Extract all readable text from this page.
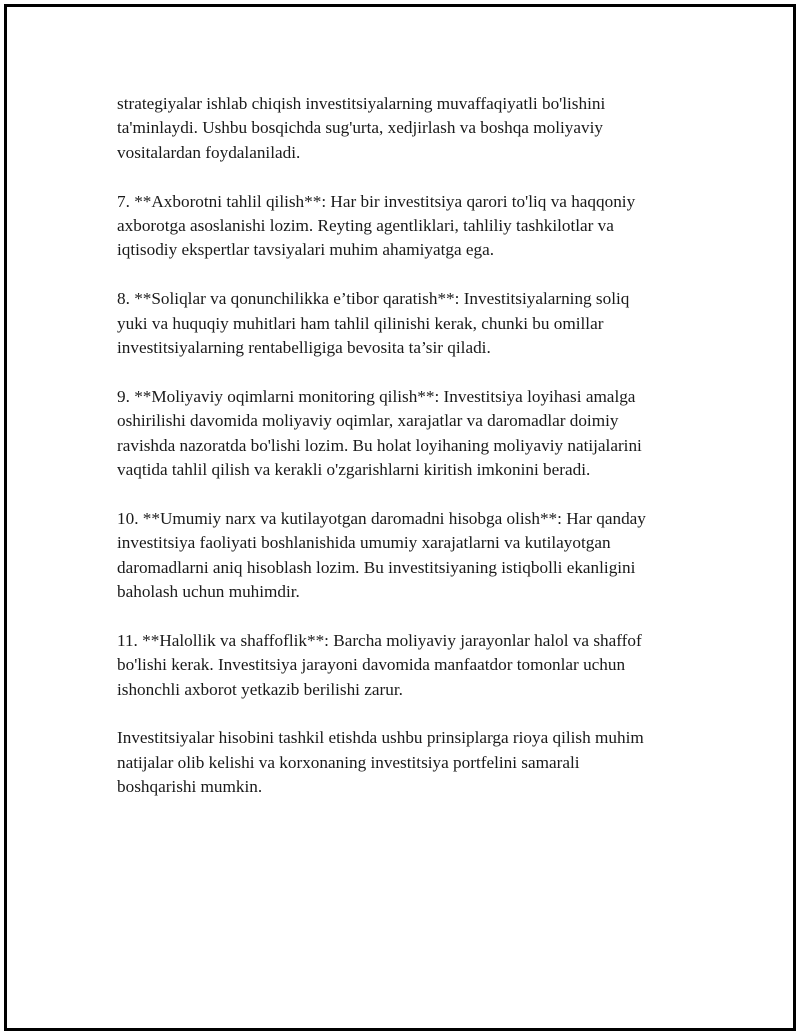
strategiyalar ishlab chiqish investitsiyalarning muvaffaqiyatli bo'lishini
ta'minlaydi. Ushbu bosqichda sug'urta, xedjirlash va boshqa moliyaviy
vositalardan foydalaniladi.

7. **Axborotni tahlil qilish**: Har bir investitsiya qarori to'liq va haqqoniy
axborotga asoslanishi lozim. Reyting agentliklari, tahliliy tashkilotlar va
iqtisodiy ekspertlar tavsiyalari muhim ahamiyatga ega.

8. **Soliqlar va qonunchilikka e’tibor qaratish**: Investitsiyalarning soliq
yuki va huquqiy muhitlari ham tahlil qilinishi kerak, chunki bu omillar
investitsiyalarning rentabelligiga bevosita ta’sir qiladi.

9. **Moliyaviy oqimlarni monitoring qilish**: Investitsiya loyihasi amalga
oshirilishi davomida moliyaviy oqimlar, xarajatlar va daromadlar doimiy
ravishda nazoratda bo'lishi lozim. Bu holat loyihaning moliyaviy natijalarini
vaqtida tahlil qilish va kerakli o'zgarishlarni kiritish imkonini beradi.

10. **Umumiy narx va kutilayotgan daromadni hisobga olish**: Har qanday
investitsiya faoliyati boshlanishida umumiy xarajatlarni va kutilayotgan
daromadlarni aniq hisoblash lozim. Bu investitsiyaning istiqbolli ekanligini
baholash uchun muhimdir.

11. **Halollik va shaffoflik**: Barcha moliyaviy jarayonlar halol va shaffof
bo'lishi kerak. Investitsiya jarayoni davomida manfaatdor tomonlar uchun
ishonchli axborot yetkazib berilishi zarur.

Investitsiyalar hisobini tashkil etishda ushbu prinsiplarga rioya qilish muhim
natijalar olib kelishi va korxonaning investitsiya portfelini samarali
boshqarishi mumkin.
